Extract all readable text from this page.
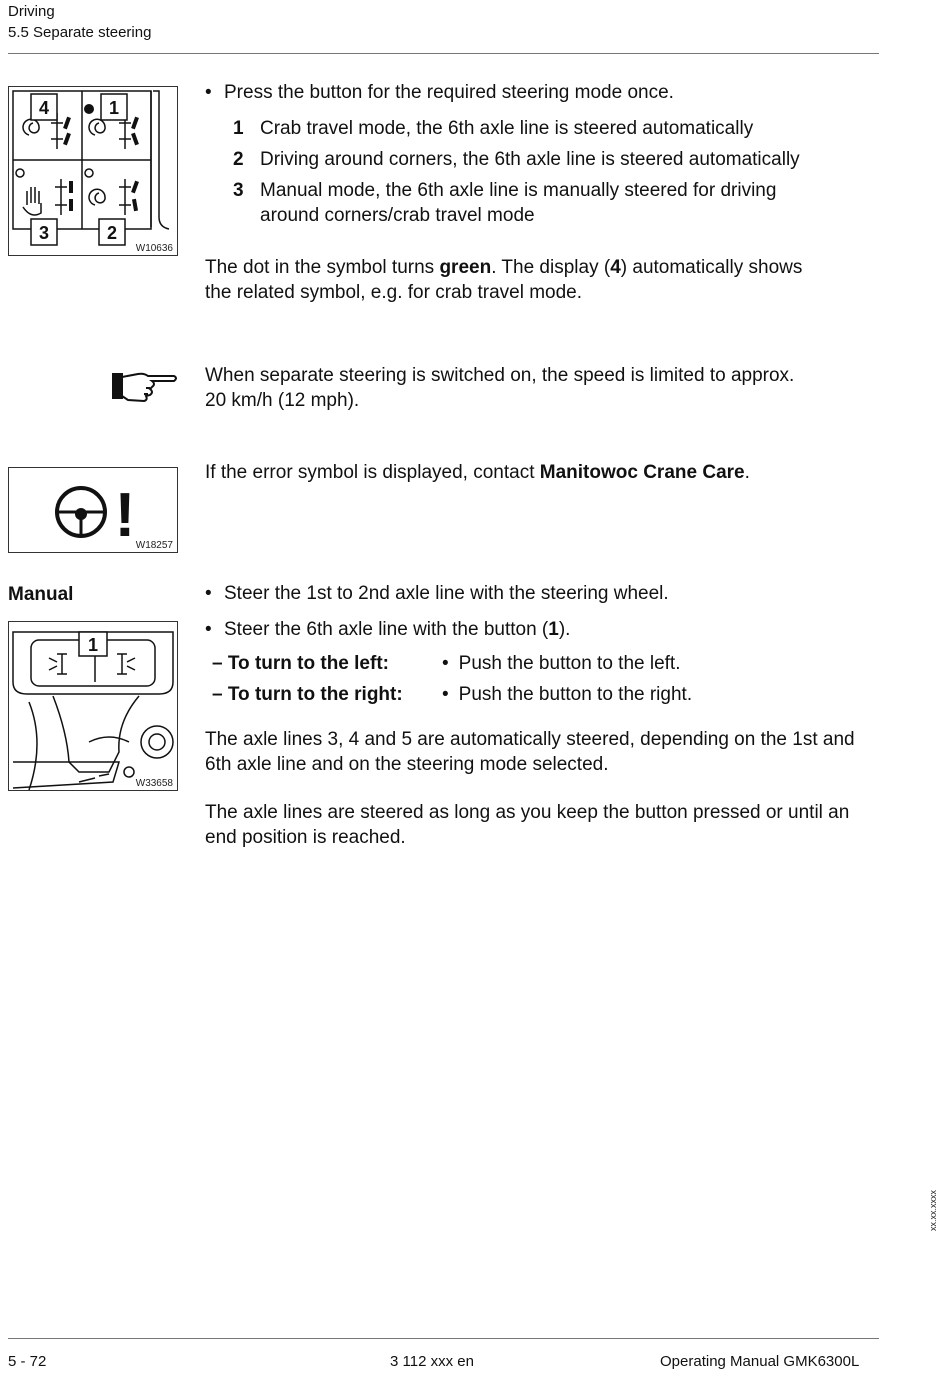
Driving
5.5 Separate steering
4	1
3	2
W10636
• Press the button for the required steering mode once.
1 Crab travel mode, the 6th axle line is steered automatically
2 Driving around corners, the 6th axle line is steered automatically
3 Manual mode, the 6th axle line is manually steered for driving
around corners/crab travel mode
The dot in the symbol turns green. The display (4) automatically shows
the related symbol, e.g. for crab travel mode.
When separate steering is switched on, the speed is limited to approx.
20 km/h (12 mph).
! W18257
If the error symbol is displayed, contact Manitowoc Crane Care.
Manual
1
W33658
• Steer the 1st to 2nd axle line with the steering wheel.
• Steer the 6th axle line with the button (1).
– To turn to the left:	• Push the button to the left.
– To turn to the right: • Push the button to the right.
The axle lines 3, 4 and 5 are automatically steered, depending on the 1st and
6th axle line and on the steering mode selected.
The axle lines are steered as long as you keep the button pressed or until an
end position is reached.
xx.xx.xxxx
5 - 72	3 112 xxx en	Operating Manual GMK6300L
